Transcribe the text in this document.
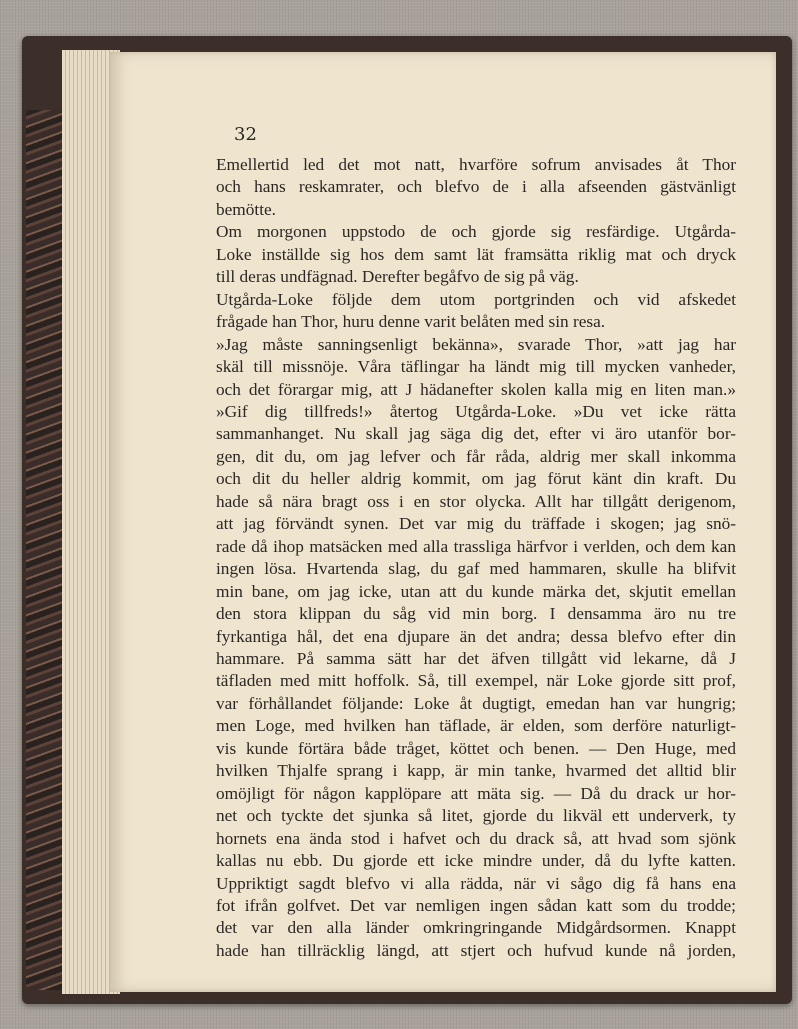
32
Emellertid led det mot natt, hvarföre sofrum anvisades åt Thor
och hans reskamrater, och blefvo de i alla afseenden gästvänligt
bemötte.
Om morgonen uppstodo de och gjorde sig resfärdige. Utgårda-
Loke inställde sig hos dem samt lät framsätta riklig mat och dryck
till deras undfägnad. Derefter begåfvo de sig på väg.
Utgårda-Loke följde dem utom portgrinden och vid afskedet
frågade han Thor, huru denne varit belåten med sin resa.
»Jag måste sanningsenligt bekänna», svarade Thor, »att jag har
skäl till missnöje. Våra täflingar ha ländt mig till mycken vanheder,
och det förargar mig, att J hädanefter skolen kalla mig en liten man.»
»Gif dig tillfreds!» återtog Utgårda-Loke. »Du vet icke rätta
sammanhanget. Nu skall jag säga dig det, efter vi äro utanför bor-
gen, dit du, om jag lefver och får råda, aldrig mer skall inkomma
och dit du heller aldrig kommit, om jag förut känt din kraft. Du
hade så nära bragt oss i en stor olycka. Allt har tillgått derigenom,
att jag förvändt synen. Det var mig du träffade i skogen; jag snö-
rade då ihop matsäcken med alla trassliga härfvor i verlden, och dem kan
ingen lösa. Hvartenda slag, du gaf med hammaren, skulle ha blifvit
min bane, om jag icke, utan att du kunde märka det, skjutit emellan
den stora klippan du såg vid min borg. I densamma äro nu tre
fyrkantiga hål, det ena djupare än det andra; dessa blefvo efter din
hammare. På samma sätt har det äfven tillgått vid lekarne, då J
täfladen med mitt hoffolk. Så, till exempel, när Loke gjorde sitt prof,
var förhållandet följande: Loke åt dugtigt, emedan han var hungrig;
men Loge, med hvilken han täflade, är elden, som derföre naturligt-
vis kunde förtära både tråget, köttet och benen. — Den Huge, med
hvilken Thjalfe sprang i kapp, är min tanke, hvarmed det alltid blir
omöjligt för någon kapplöpare att mäta sig. — Då du drack ur hor-
net och tyckte det sjunka så litet, gjorde du likväl ett underverk, ty
hornets ena ända stod i hafvet och du drack så, att hvad som sjönk
kallas nu ebb. Du gjorde ett icke mindre under, då du lyfte katten.
Uppriktigt sagdt blefvo vi alla rädda, när vi sågo dig få hans ena
fot ifrån golfvet. Det var nemligen ingen sådan katt som du trodde;
det var den alla länder omkringringande Midgårdsormen. Knappt
hade han tillräcklig längd, att stjert och hufvud kunde nå jorden,
